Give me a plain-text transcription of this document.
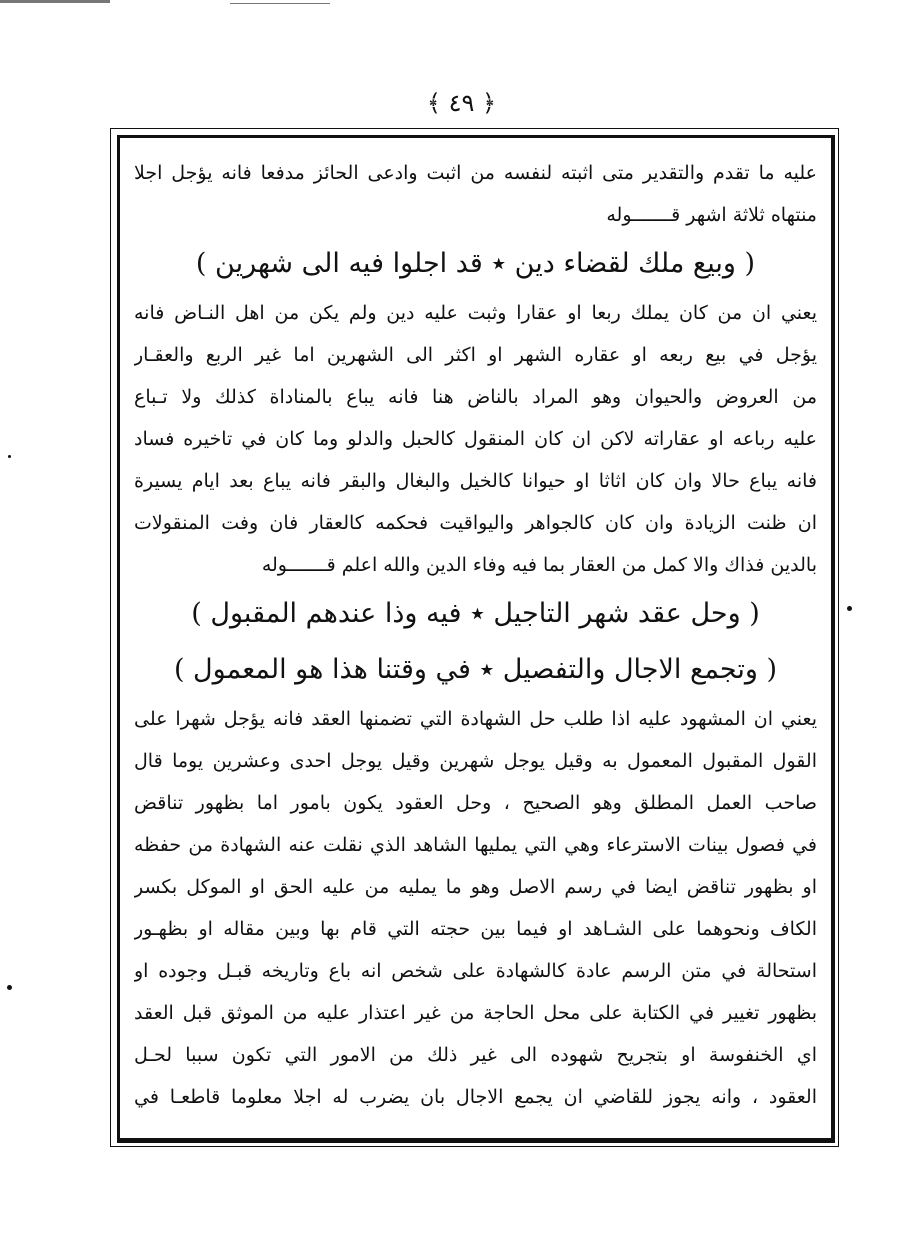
﴿ ٤٩ ﴾
عليه ما تقدم والتقدير متى اثبته لنفسه من اثبت وادعى الحائز مدفعا فانه يؤجل اجلا
منتهاه ثلاثة اشهر قـــــــوله
( وبيع ملك لقضاء دين ٭ قد اجلوا فيه الى شهرين )
يعني ان من كان يملك ربعا او عقارا وثبت عليه دين ولم يكن من اهل النـاض فانه
يؤجل في بيع ربعه او عقاره الشهر او اكثر الى الشهرين اما غير الربع والعقـار
من العروض والحيوان وهو المراد بالناض هنا فانه يباع بالمناداة كذلك ولا تـباع
عليه رباعه او عقاراته لاكن ان كان المنقول كالحبل والدلو وما كان في تاخيره فساد
فانه يباع حالا وان كان اثاثا او حيوانا كالخيل والبغال والبقر فانه يباع بعد ايام يسيرة
ان ظنت الزيادة وان كان كالجواهر واليواقيت فحكمه كالعقار فان وفت المنقولات
بالدين فذاك والا كمل من العقار بما فيه وفاء الدين والله اعلم قـــــــوله
( وحل عقد شهر التاجيل ٭ فيه وذا عندهم المقبول )
( وتجمع الاجال والتفصيل ٭ في وقتنا هذا هو المعمول )
يعني ان المشهود عليه اذا طلب حل الشهادة التي تضمنها العقد فانه يؤجل شهرا على
القول المقبول المعمول به وقيل يوجل شهرين وقيل يوجل احدى وعشرين يوما قال
صاحب العمل المطلق وهو الصحيح ، وحل العقود يكون بامور اما بظهور تناقض
في فصول بينات الاسترعاء وهي التي يمليها الشاهد الذي نقلت عنه الشهادة من حفظه
او بظهور تناقض ايضا في رسم الاصل وهو ما يمليه من عليه الحق او الموكل بكسر
الكاف ونحوهما على الشـاهد او فيما بين حجته التي قام بها وبين مقاله او بظهـور
استحالة في متن الرسم عادة كالشهادة على شخص انه باع وتاريخه قبـل وجوده او
بظهور تغيير في الكتابة على محل الحاجة من غير اعتذار عليه من الموثق قبل العقد
اي الخنفوسة او بتجريح شهوده الى غير ذلك من الامور التي تكون سببا لحـل
العقود ، وانه يجوز للقاضي ان يجمع الاجال بان يضرب له اجلا معلوما قاطعـا في
